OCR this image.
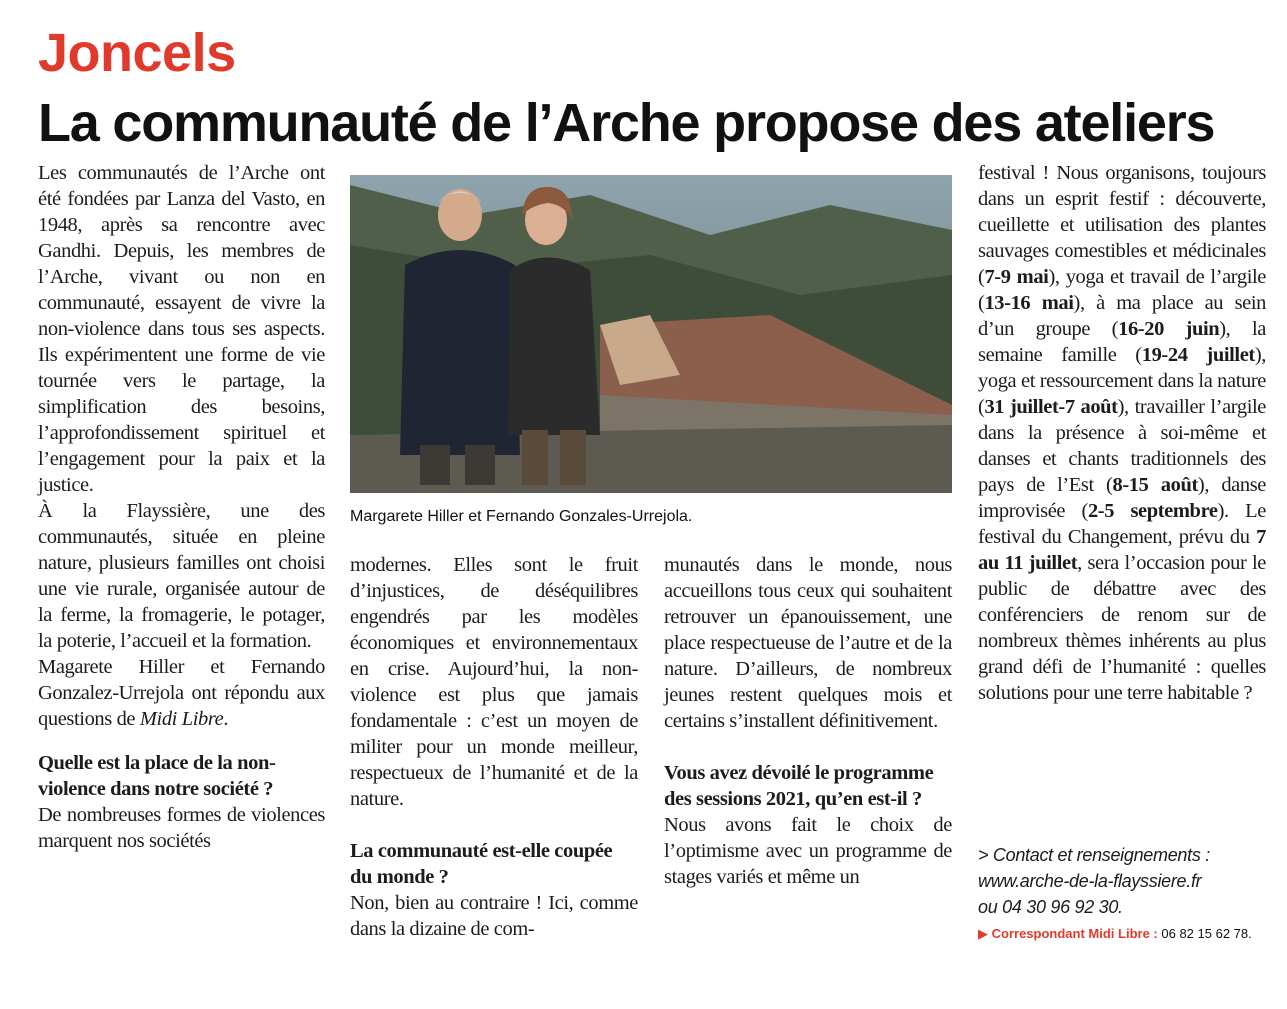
Joncels
La communauté de l’Arche propose des ateliers

Les communautés de l’Arche ont été fondées par Lanza del Vasto, en 1948, après sa rencontre avec Gandhi. Depuis, les membres de l’Arche, vivant ou non en communauté, essayent de vivre la non-violence dans tous ses aspects. Ils expérimentent une forme de vie tournée vers le partage, la simplification des besoins, l’approfondissement spirituel et l’engagement pour la paix et la justice.

À la Flayssière, une des communautés, située en pleine nature, plusieurs familles ont choisi une vie rurale, organisée autour de la ferme, la fromagerie, le potager, la poterie, l’accueil et la formation.

Magarete Hiller et Fernando Gonzalez-Urrejola ont répondu aux questions de Midi Libre.

Quelle est la place de la non-violence dans notre société ?

De nombreuses formes de violences marquent nos sociétés

Margarete Hiller et Fernando Gonzales-Urrejola.

modernes. Elles sont le fruit d’injustices, de déséquilibres engendrés par les modèles économiques et environnementaux en crise. Aujourd’hui, la non-violence est plus que jamais fondamentale : c’est un moyen de militer pour un monde meilleur, respectueux de l’humanité et de la nature.

La communauté est-elle coupée du monde ?

Non, bien au contraire ! Ici, comme dans la dizaine de com-

munautés dans le monde, nous accueillons tous ceux qui souhaitent retrouver un épanouissement, une place respectueuse de l’autre et de la nature. D’ailleurs, de nombreux jeunes restent quelques mois et certains s’installent définitivement.

Vous avez dévoilé le programme des sessions 2021, qu’en est-il ?

Nous avons fait le choix de l’optimisme avec un programme de stages variés et même un

festival ! Nous organisons, toujours dans un esprit festif : découverte, cueillette et utilisation des plantes sauvages comestibles et médicinales (7-9 mai), yoga et travail de l’argile (13-16 mai), à ma place au sein d’un groupe (16-20 juin), la semaine famille (19-24 juillet), yoga et ressourcement dans la nature (31 juillet-7 août), travailler l’argile dans la présence à soi-même et danses et chants traditionnels des pays de l’Est (8-15 août), danse improvisée (2-5 septembre). Le festival du Changement, prévu du 7 au 11 juillet, sera l’occasion pour le public de débattre avec des conférenciers de renom sur de nombreux thèmes inhérents au plus grand défi de l’humanité : quelles solutions pour une terre habitable ?

> Contact et renseignements :
www.arche-de-la-flayssiere.fr
ou 04 30 96 92 30.
▶ Correspondant Midi Libre : 06 82 15 62 78.
